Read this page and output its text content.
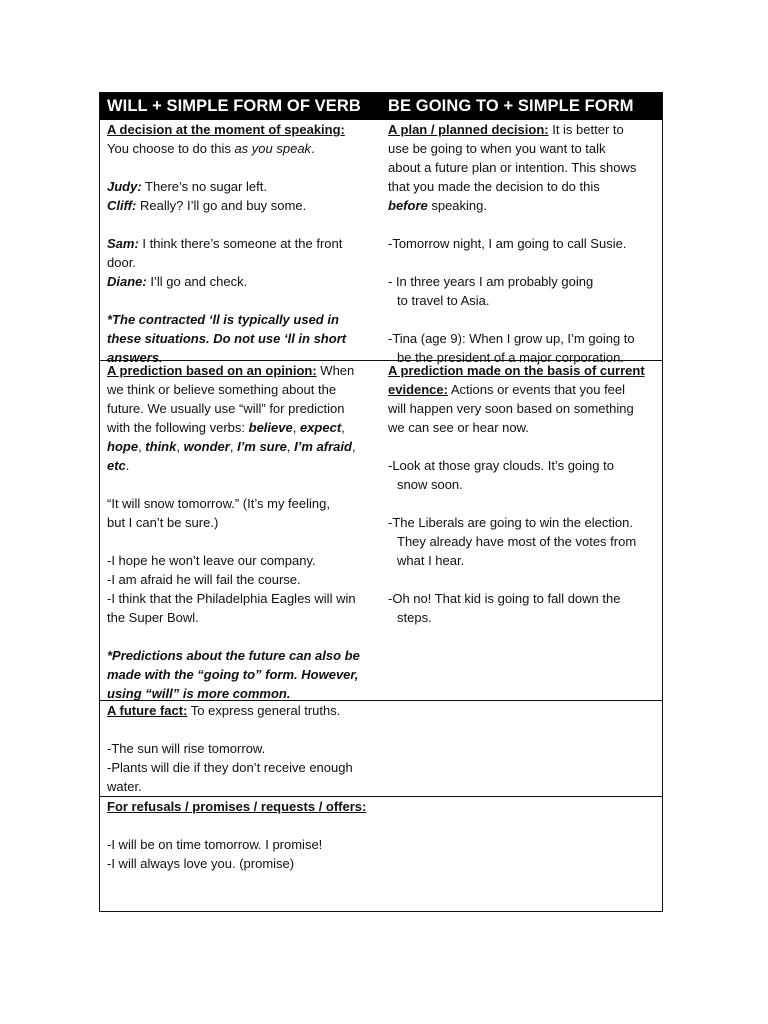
WILL + SIMPLE FORM OF VERB	BE GOING TO + SIMPLE FORM
A decision at the moment of speaking:
You choose to do this as you speak.
Judy: There’s no sugar left.
Cliff: Really? I’ll go and buy some.
Sam: I think there’s someone at the front
door.
Diane: I’ll go and check.
*The contracted ‘ll is typically used in
these situations. Do not use ‘ll in short
answers.
A plan / planned decision: It is better to
use be going to when you want to talk
about a future plan or intention. This shows
that you made the decision to do this
before speaking.
-Tomorrow night, I am going to call Susie.
- In three years I am probably going
to travel to Asia.
-Tina (age 9): When I grow up, I’m going to
be the president of a major corporation.
A prediction based on an opinion: When
we think or believe something about the
future. We usually use “will” for prediction
with the following verbs: believe, expect,
hope, think, wonder, I’m sure, I’m afraid,
etc.
“It will snow tomorrow.” (It’s my feeling,
but I can’t be sure.)
-I hope he won’t leave our company.
-I am afraid he will fail the course.
-I think that the Philadelphia Eagles will win
the Super Bowl.
*Predictions about the future can also be
made with the “going to” form. However,
using “will” is more common.
A prediction made on the basis of current
evidence: Actions or events that you feel
will happen very soon based on something
we can see or hear now.
-Look at those gray clouds. It’s going to
snow soon.
-The Liberals are going to win the election.
They already have most of the votes from
what I hear.
-Oh no! That kid is going to fall down the
steps.
A future fact: To express general truths.
-The sun will rise tomorrow.
-Plants will die if they don’t receive enough
water.
For refusals / promises / requests / offers:
-I will be on time tomorrow. I promise!
-I will always love you. (promise)
